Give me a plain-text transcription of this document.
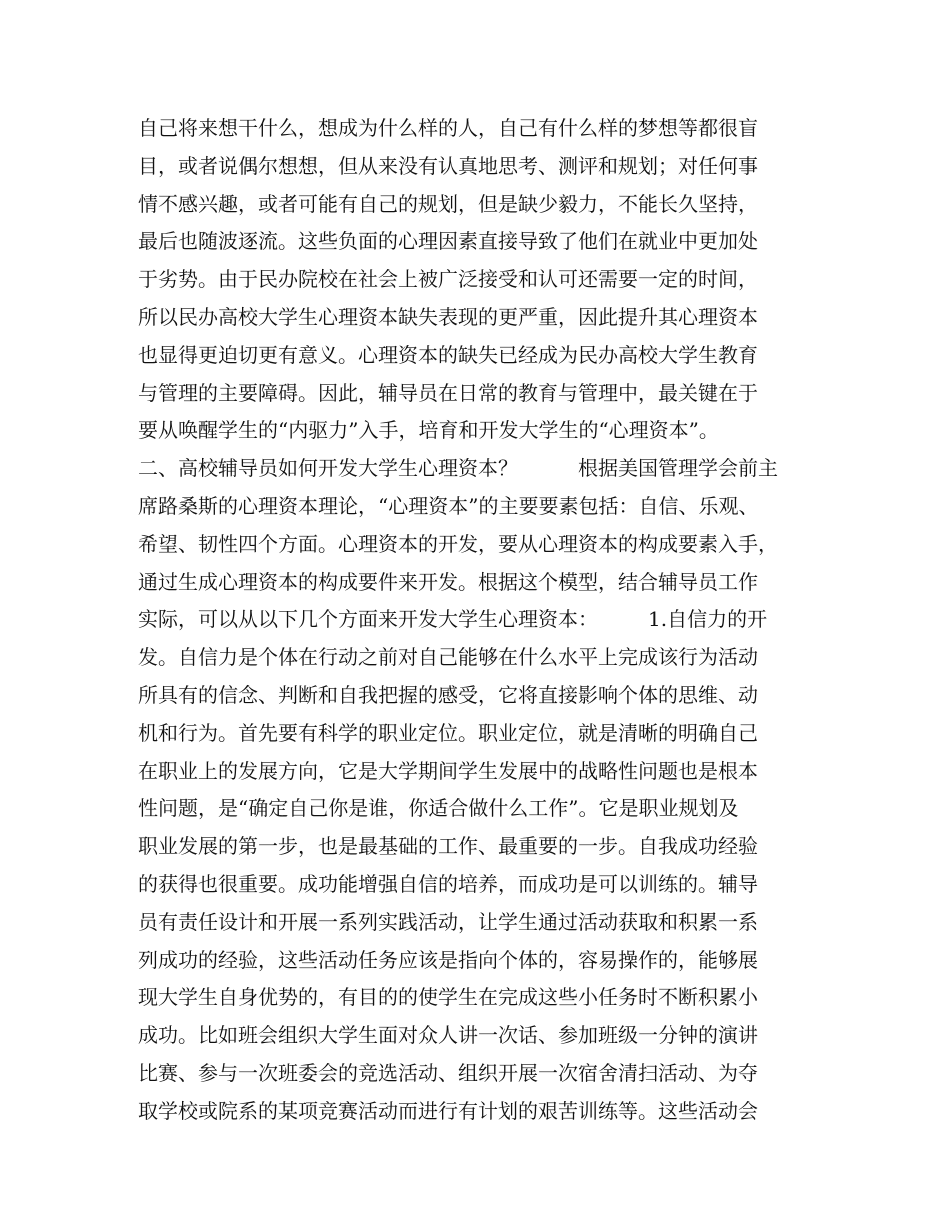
自己将来想干什么，想成为什么样的人，自己有什么样的梦想等都很盲
目，或者说偶尔想想，但从来没有认真地思考、测评和规划；对任何事
情不感兴趣，或者可能有自己的规划，但是缺少毅力，不能长久坚持，
最后也随波逐流。这些负面的心理因素直接导致了他们在就业中更加处
于劣势。由于民办院校在社会上被广泛接受和认可还需要一定的时间，
所以民办高校大学生心理资本缺失表现的更严重，因此提升其心理资本
也显得更迫切更有意义。心理资本的缺失已经成为民办高校大学生教育
与管理的主要障碍。因此，辅导员在日常的教育与管理中，最关键在于
要从唤醒学生的“内驱力”入手，培育和开发大学生的“心理资本”。
二、高校辅导员如何开发大学生心理资本？　　　根据美国管理学会前主
席路桑斯的心理资本理论，“心理资本”的主要要素包括：自信、乐观、
希望、韧性四个方面。心理资本的开发，要从心理资本的构成要素入手，
通过生成心理资本的构成要件来开发。根据这个模型，结合辅导员工作
实际，可以从以下几个方面来开发大学生心理资本：　　　1.自信力的开
发。自信力是个体在行动之前对自己能够在什么水平上完成该行为活动
所具有的信念、判断和自我把握的感受，它将直接影响个体的思维、动
机和行为。首先要有科学的职业定位。职业定位，就是清晰的明确自己
在职业上的发展方向，它是大学期间学生发展中的战略性问题也是根本
性问题，是“确定自己你是谁，你适合做什么工作”。它是职业规划及
职业发展的第一步，也是最基础的工作、最重要的一步。自我成功经验
的获得也很重要。成功能增强自信的培养，而成功是可以训练的。辅导
员有责任设计和开展一系列实践活动，让学生通过活动获取和积累一系
列成功的经验，这些活动任务应该是指向个体的，容易操作的，能够展
现大学生自身优势的，有目的的使学生在完成这些小任务时不断积累小
成功。比如班会组织大学生面对众人讲一次话、参加班级一分钟的演讲
比赛、参与一次班委会的竞选活动、组织开展一次宿舍清扫活动、为夺
取学校或院系的某项竞赛活动而进行有计划的艰苦训练等。这些活动会
